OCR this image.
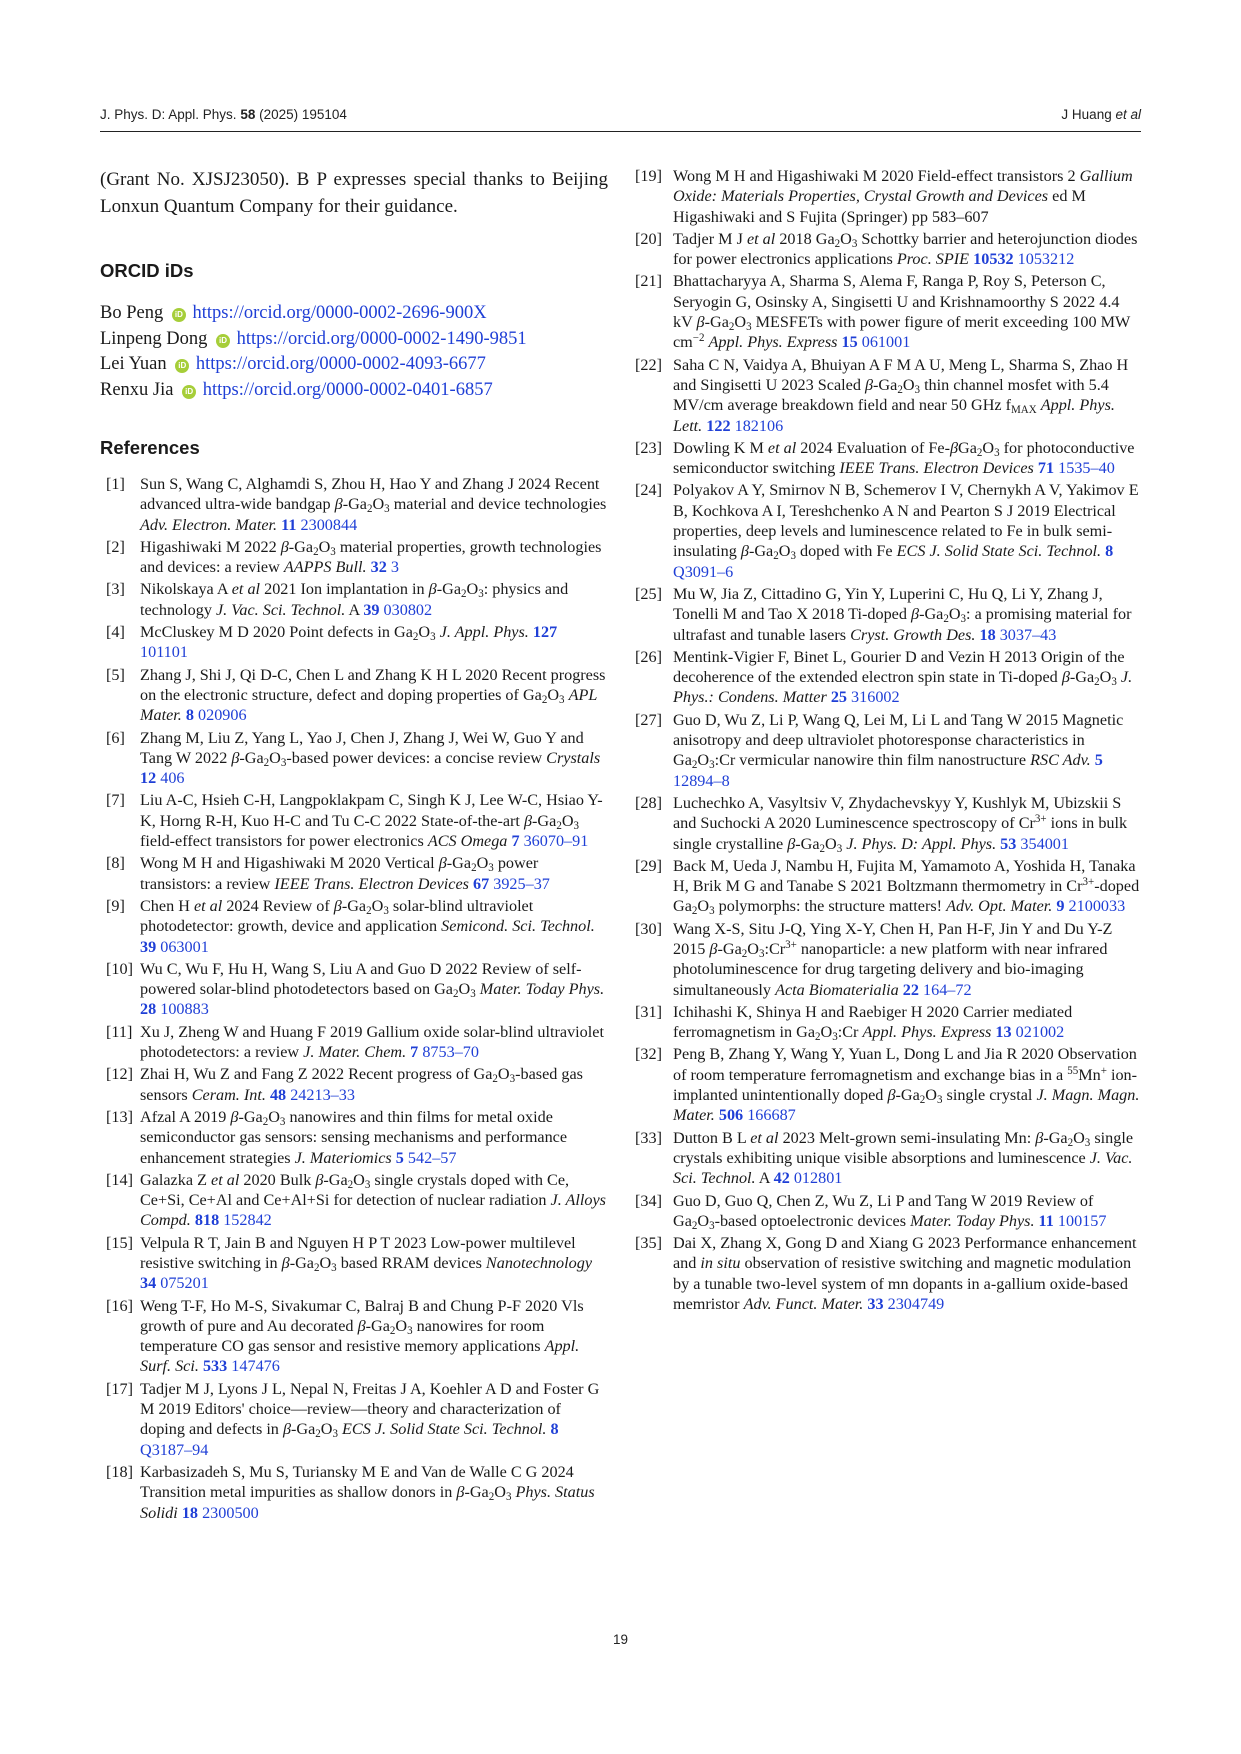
J. Phys. D: Appl. Phys. 58 (2025) 195104	J Huang et al

(Grant No. XJSJ23050). B P expresses special thanks to Beijing Lonxun Quantum Company for their guidance.

ORCID iDs
Bo Peng iD https://orcid.org/0000-0002-2696-900X
Linpeng Dong iD https://orcid.org/0000-0002-1490-9851
Lei Yuan iD https://orcid.org/0000-0002-4093-6677
Renxu Jia iD https://orcid.org/0000-0002-0401-6857
References
[1] Sun S, Wang C, Alghamdi S, Zhou H, Hao Y and Zhang J 2024 Recent advanced ultra-wide bandgap $\beta-Ga_2O_3$ material and device technologies Adv. Electron. Mater. 11 2300844
[2] Higashiwaki M 2022 $\beta-Ga_2O_3$ material properties, growth technologies and devices: a review AAPPS Bull. 32 3
[3] Nikolskaya A et al 2021 Ion implantation in $\beta-Ga_2O_3$: physics and technology J. Vac. Sci. Technol. A 39 030802
[4] McCluskey M D 2020 Point defects in $Ga_2O_3$ J. Appl. Phys. 127 101101
[5] Zhang J, Shi J, Qi D-C, Chen L and Zhang K H L 2020 Recent progress on the electronic structure, defect and doping properties of $Ga_2O_3$ APL Mater. 8 020906
[6] Zhang M, Liu Z, Yang L, Yao J, Chen J, Zhang J, Wei W, Guo Y and Tang W 2022 $\beta-Ga_2O_3$-based power devices: a concise review Crystals 12 406
[7] Liu A-C, Hsieh C-H, Langpoklakpam C, Singh K J, Lee W-C, Hsiao Y-K, Horng R-H, Kuo H-C and Tu C-C 2022 State-of-the-art $\beta-Ga_2O_3$ field-effect transistors for power electronics ACS Omega 7 36070–91
[8] Wong M H and Higashiwaki M 2020 Vertical $\beta-Ga_2O_3$ power transistors: a review IEEE Trans. Electron Devices 67 3925–37
[9] Chen H et al 2024 Review of $\beta-Ga_2O_3$ solar-blind ultraviolet photodetector: growth, device and application Semicond. Sci. Technol. 39 063001
[10] Wu C, Wu F, Hu H, Wang S, Liu A and Guo D 2022 Review of self-powered solar-blind photodetectors based on $Ga_2O_3$ Mater. Today Phys. 28 100883
[11] Xu J, Zheng W and Huang F 2019 Gallium oxide solar-blind ultraviolet photodetectors: a review J. Mater. Chem. 7 8753–70
[12] Zhai H, Wu Z and Fang Z 2022 Recent progress of $Ga_2O_3$-based gas sensors Ceram. Int. 48 24213–33
[13] Afzal A 2019 $\beta-Ga_2O_3$ nanowires and thin films for metal oxide semiconductor gas sensors: sensing mechanisms and performance enhancement strategies J. Materiomics 5 542–57
[14] Galazka Z et al 2020 Bulk $\beta-Ga_2O_3$ single crystals doped with Ce, Ce+Si, Ce+Al and Ce+Al+Si for detection of nuclear radiation J. Alloys Compd. 818 152842
[15] Velpula R T, Jain B and Nguyen H P T 2023 Low-power multilevel resistive switching in $\beta-Ga_2O_3$ based RRAM devices Nanotechnology 34 075201
[16] Weng T-F, Ho M-S, Sivakumar C, Balraj B and Chung P-F 2020 Vls growth of pure and Au decorated $\beta-Ga_2O_3$ nanowires for room temperature CO gas sensor and resistive memory applications Appl. Surf. Sci. 533 147476
[17] Tadjer M J, Lyons J L, Nepal N, Freitas J A, Koehler A D and Foster G M 2019 Editors' choice—review—theory and characterization of doping and defects in $\beta-Ga_2O_3$ ECS J. Solid State Sci. Technol. 8 Q3187–94
[18] Karbasizadeh S, Mu S, Turiansky M E and Van de Walle C G 2024 Transition metal impurities as shallow donors in $\beta-Ga_2O_3$ Phys. Status Solidi 18 2300500
[19] Wong M H and Higashiwaki M 2020 Field-effect transistors 2 Gallium Oxide: Materials Properties, Crystal Growth and Devices ed M Higashiwaki and S Fujita (Springer) pp 583–607
[20] Tadjer M J et al 2018 $Ga_2O_3$ Schottky barrier and heterojunction diodes for power electronics applications Proc. SPIE 10532 1053212
[21] Bhattacharyya A, Sharma S, Alema F, Ranga P, Roy S, Peterson C, Seryogin G, Osinsky A, Singisetti U and Krishnamoorthy S 2022 4.4 kV $\beta-Ga_2O_3$ MESFETs with power figure of merit exceeding 100 MW $cm^{-2}$ Appl. Phys. Express 15 061001
[22] Saha C N, Vaidya A, Bhuiyan A F M A U, Meng L, Sharma S, Zhao H and Singisetti U 2023 Scaled $\beta-Ga_2O_3$ thin channel mosfet with 5.4 MV/cm average breakdown field and near 50 GHz $f_{MAX}$ Appl. Phys. Lett. 122 182106
[23] Dowling K M et al 2024 Evaluation of $Fe-\beta Ga_2O_3$ for photoconductive semiconductor switching IEEE Trans. Electron Devices 71 1535–40
[24] Polyakov A Y, Smirnov N B, Schemerov I V, Chernykh A V, Yakimov E B, Kochkova A I, Tereshchenko A N and Pearton S J 2019 Electrical properties, deep levels and luminescence related to Fe in bulk semi-insulating $\beta-Ga_2O_3$ doped with Fe ECS J. Solid State Sci. Technol. 8 Q3091–6
[25] Mu W, Jia Z, Cittadino G, Yin Y, Luperini C, Hu Q, Li Y, Zhang J, Tonelli M and Tao X 2018 Ti-doped $\beta-Ga_2O_3$: a promising material for ultrafast and tunable lasers Cryst. Growth Des. 18 3037–43
[26] Mentink-Vigier F, Binet L, Gourier D and Vezin H 2013 Origin of the decoherence of the extended electron spin state in Ti-doped $\beta-Ga_2O_3$ J. Phys.: Condens. Matter 25 316002
[27] Guo D, Wu Z, Li P, Wang Q, Lei M, Li L and Tang W 2015 Magnetic anisotropy and deep ultraviolet photoresponse characteristics in $Ga_2O_3:Cr$ vermicular nanowire thin film nanostructure RSC Adv. 5 12894–8
[28] Luchechko A, Vasyltsiv V, Zhydachevskyy Y, Kushlyk M, Ubizskii S and Suchocki A 2020 Luminescence spectroscopy of $Cr^{3+}$ ions in bulk single crystalline $\beta-Ga_2O_3$ J. Phys. D: Appl. Phys. 53 354001
[29] Back M, Ueda J, Nambu H, Fujita M, Yamamoto A, Yoshida H, Tanaka H, Brik M G and Tanabe S 2021 Boltzmann thermometry in $Cr^{3+}$-doped $Ga_2O_3$ polymorphs: the structure matters! Adv. Opt. Mater. 9 2100033
[30] Wang X-S, Situ J-Q, Ying X-Y, Chen H, Pan H-F, Jin Y and Du Y-Z 2015 $\beta-Ga_2O_3:Cr^{3+}$ nanoparticle: a new platform with near infrared photoluminescence for drug targeting delivery and bio-imaging simultaneously Acta Biomaterialia 22 164–72
[31] Ichihashi K, Shinya H and Raebiger H 2020 Carrier mediated ferromagnetism in $Ga_2O_3:Cr$ Appl. Phys. Express 13 021002
[32] Peng B, Zhang Y, Wang Y, Yuan L, Dong L and Jia R 2020 Observation of room temperature ferromagnetism and exchange bias in a $^{55}$Mn+ ion-implanted unintentionally doped $\beta-Ga_2O_3$ single crystal J. Magn. Magn. Mater. 506 166687
[33] Dutton B L et al 2023 Melt-grown semi-insulating Mn: $\beta-Ga_2O_3$ single crystals exhibiting unique visible absorptions and luminescence J. Vac. Sci. Technol. A 42 012801
[34] Guo D, Guo Q, Chen Z, Wu Z, Li P and Tang W 2019 Review of $Ga_2O_3$-based optoelectronic devices Mater. Today Phys. 11 100157
[35] Dai X, Zhang X, Gong D and Xiang G 2023 Performance enhancement and in situ observation of resistive switching and magnetic modulation by a tunable two-level system of mn dopants in a-gallium oxide-based memristor Adv. Funct. Mater. 33 2304749
19
